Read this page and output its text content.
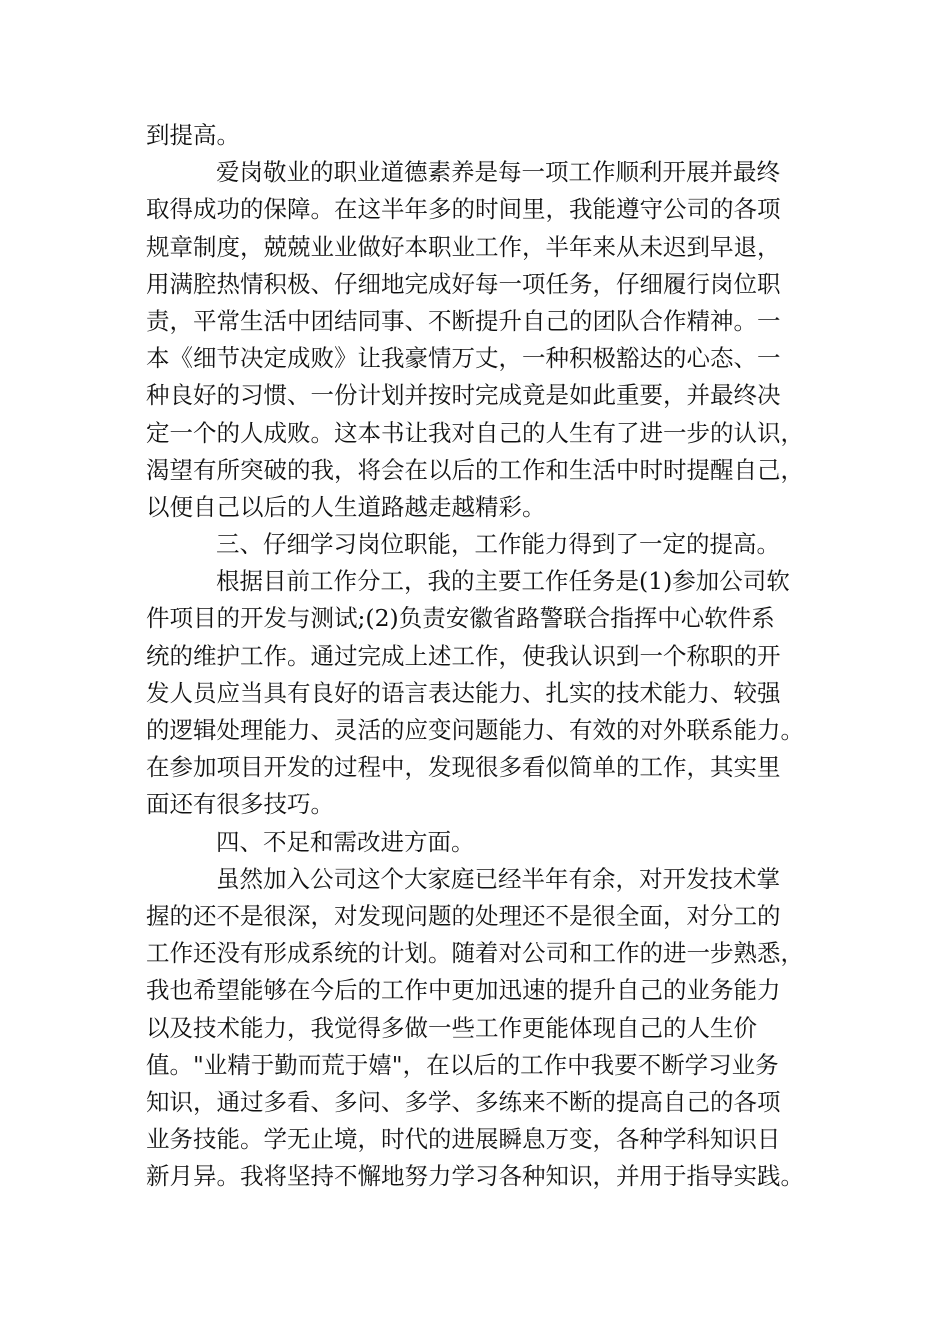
到提高。
爱岗敬业的职业道德素养是每一项工作顺利开展并最终
取得成功的保障。在这半年多的时间里，我能遵守公司的各项
规章制度，兢兢业业做好本职业工作，半年来从未迟到早退，
用满腔热情积极、仔细地完成好每一项任务，仔细履行岗位职
责，平常生活中团结同事、不断提升自己的团队合作精神。一
本《细节决定成败》让我豪情万丈，一种积极豁达的心态、一
种良好的习惯、一份计划并按时完成竟是如此重要，并最终决
定一个的人成败。这本书让我对自己的人生有了进一步的认识，
渴望有所突破的我，将会在以后的工作和生活中时时提醒自己，
以便自己以后的人生道路越走越精彩。
三、仔细学习岗位职能，工作能力得到了一定的提高。
根据目前工作分工，我的主要工作任务是(1)参加公司软
件项目的开发与测试;(2)负责安徽省路警联合指挥中心软件系
统的维护工作。通过完成上述工作，使我认识到一个称职的开
发人员应当具有良好的语言表达能力、扎实的技术能力、较强
的逻辑处理能力、灵活的应变问题能力、有效的对外联系能力。
在参加项目开发的过程中，发现很多看似简单的工作，其实里
面还有很多技巧。
四、不足和需改进方面。
虽然加入公司这个大家庭已经半年有余，对开发技术掌
握的还不是很深，对发现问题的处理还不是很全面，对分工的
工作还没有形成系统的计划。随着对公司和工作的进一步熟悉，
我也希望能够在今后的工作中更加迅速的提升自己的业务能力
以及技术能力，我觉得多做一些工作更能体现自己的人生价
值。"业精于勤而荒于嬉"，在以后的工作中我要不断学习业务
知识，通过多看、多问、多学、多练来不断的提高自己的各项
业务技能。学无止境，时代的进展瞬息万变，各种学科知识日
新月异。我将坚持不懈地努力学习各种知识，并用于指导实践。
